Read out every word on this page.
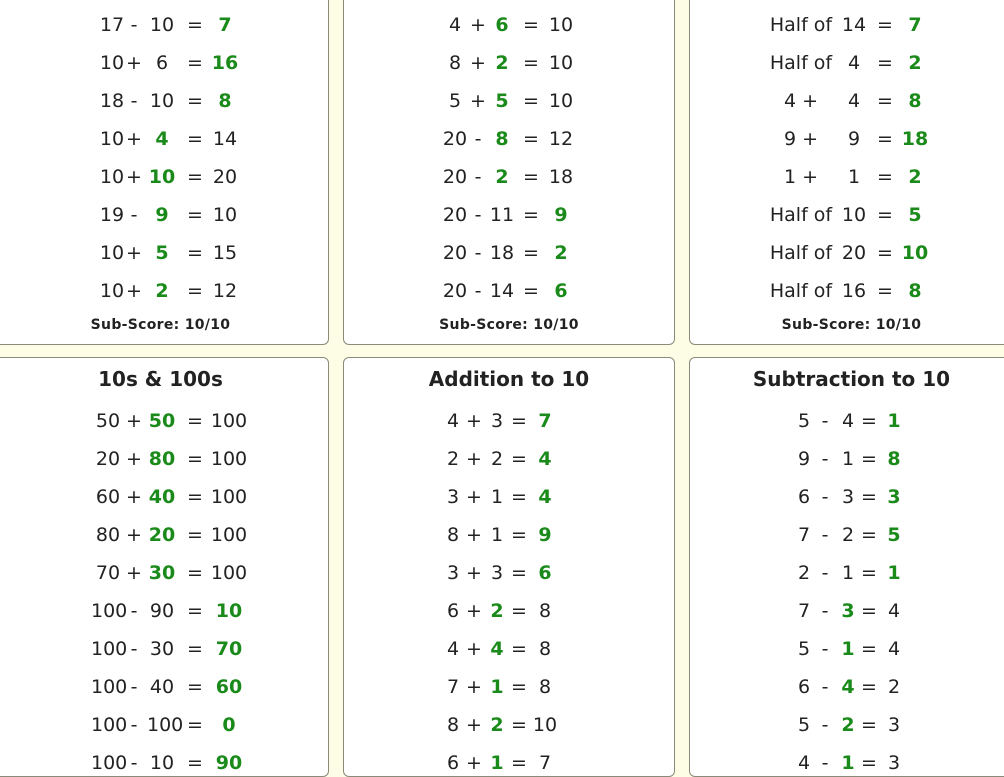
17 - 10 = 7
10 + 6 = 16
18 - 10 = 8
10 + 4 = 14
10 + 10 = 20
19 - 9 = 10
10 + 5 = 15
10 + 2 = 12
Sub-Score: 10/10
4 + 6 = 10
8 + 2 = 10
5 + 5 = 10
20 - 8 = 12
20 - 2 = 18
20 - 11 = 9
20 - 18 = 2
20 - 14 = 6
Sub-Score: 10/10
Half of 14 = 7
Half of 4 = 2
4 +	4 = 8
9 +	9 = 18
1 +	1 = 2
Half of 10 = 5
Half of 20 = 10
Half of 16 = 8
Sub-Score: 10/10
10s & 100s
50 + 50 = 100
20 + 80 = 100
60 + 40 = 100
80 + 20 = 100
70 + 30 = 100
100 - 90 = 10
100 - 30 = 70
100 - 40 = 60
100 - 100 =	0
100 - 10 = 90
Addition to 10
4 + 3 = 7
2 + 2 = 4
3 + 1 = 4
8 + 1 = 9
3 + 3 = 6
6 + 2 = 8
4 + 4 = 8
7 + 1 = 8
8 + 2 = 10
6 + 1 = 7
Subtraction to 10
5 - 4 = 1
9 - 1 = 8
6 - 3 = 3
7 - 2 = 5
2 - 1 = 1
7 - 3 = 4
5 - 1 = 4
6 - 4 = 2
5 - 2 = 3
4 - 1 = 3
